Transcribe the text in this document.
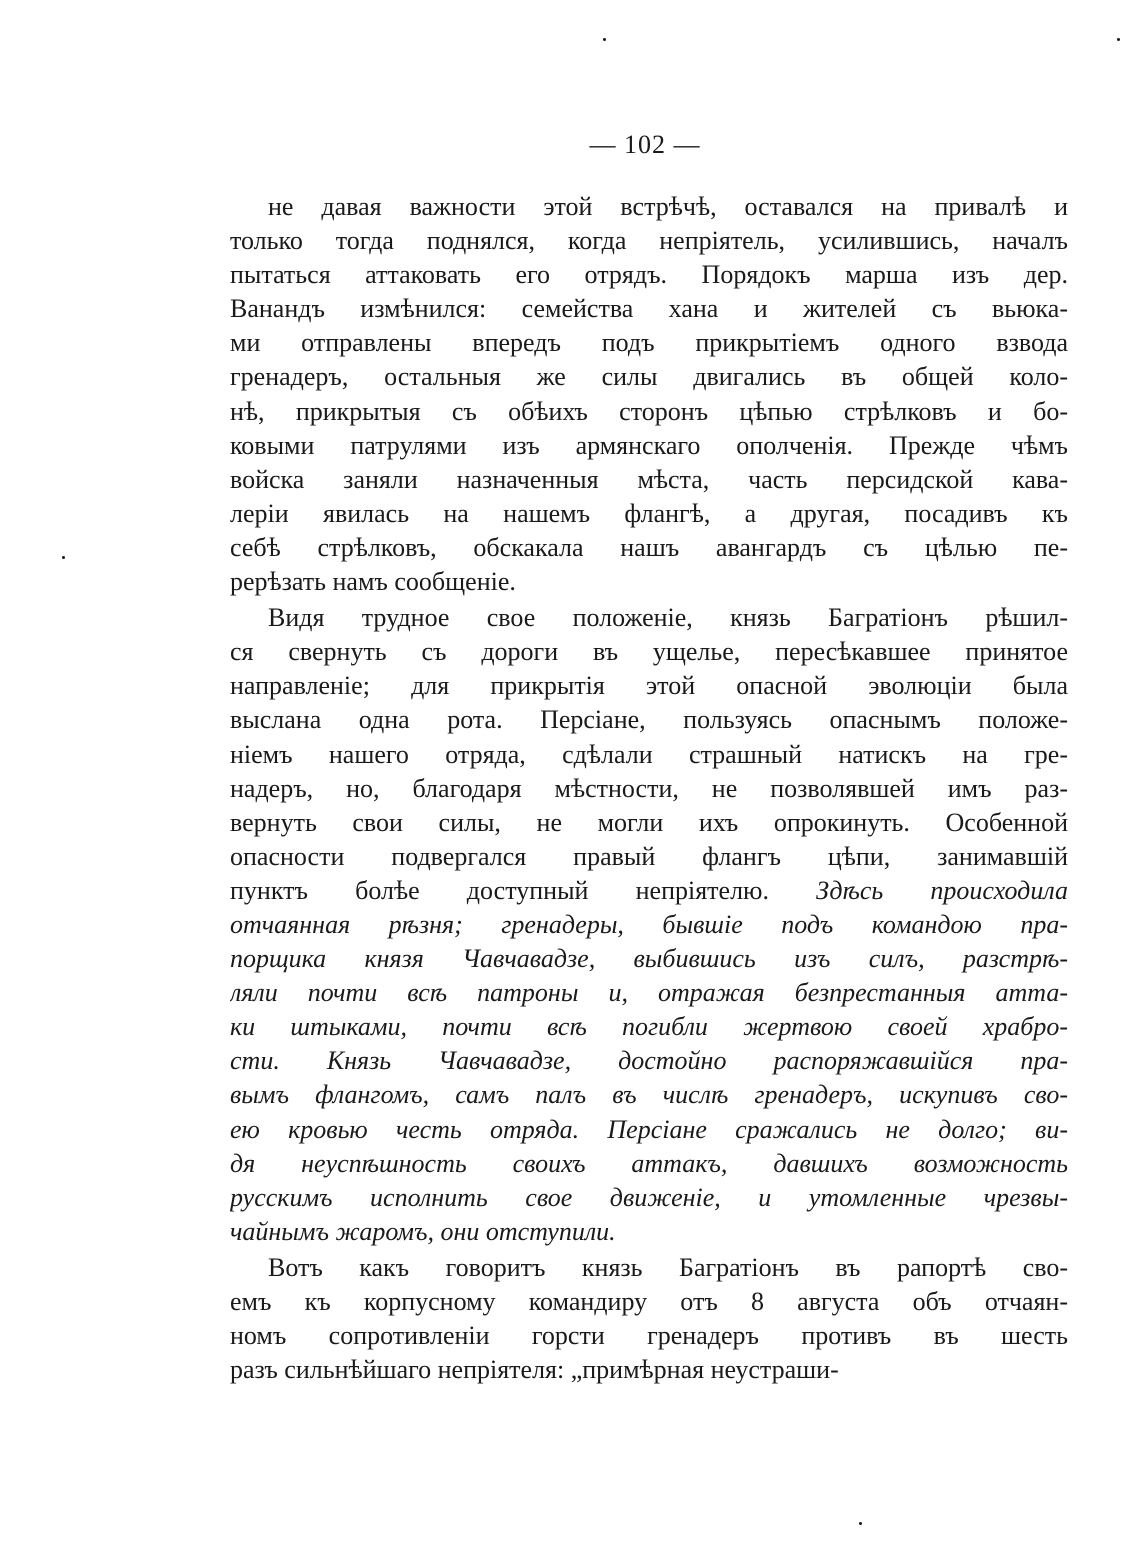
— 102 —
не давая важности этой встрѣчѣ, оставался на привалѣ и
только тогда поднялся, когда непріятель, усилившись, началъ
пытаться аттаковать его отрядъ. Порядокъ марша изъ дер.
Ванандъ измѣнился: семейства хана и жителей съ вьюка-
ми отправлены впередъ подъ прикрытіемъ одного взвода
гренадеръ, остальныя же силы двигались въ общей коло-
нѣ, прикрытыя съ обѣихъ сторонъ цѣпью стрѣлковъ и бо-
ковыми патрулями изъ армянскаго ополченія. Прежде чѣмъ
войска заняли назначенныя мѣста, часть персидской кава-
леріи явилась на нашемъ флангѣ, а другая, посадивъ къ
себѣ стрѣлковъ, обскакала нашъ авангардъ съ цѣлью пе-
рерѣзать намъ сообщеніе.
Видя трудное свое положеніе, князь Багратіонъ рѣшил-
ся свернуть съ дороги въ ущелье, пересѣкавшее принятое
направленіе; для прикрытія этой опасной эволюціи была
выслана одна рота. Персіане, пользуясь опаснымъ положе-
ніемъ нашего отряда, сдѣлали страшный натискъ на гре-
надеръ, но, благодаря мѣстности, не позволявшей имъ раз-
вернуть свои силы, не могли ихъ опрокинуть. Особенной
опасности подвергался правый флангъ цѣпи, занимавшій
пунктъ болѣе доступный непріятелю. Здѣсь происходила
отчаянная рѣзня; гренадеры, бывшіе подъ командою пра-
порщика князя Чавчавадзе, выбившись изъ силъ, разстрѣ-
ляли почти всѣ патроны и, отражая безпрестанныя атта-
ки штыками, почти всѣ погибли жертвою своей храбро-
сти. Князь Чавчавадзе, достойно распоряжавшійся пра-
вымъ флангомъ, самъ палъ въ числѣ гренадеръ, искупивъ сво-
ею кровью честь отряда. Персіане сражались не долго; ви-
дя неуспѣшность своихъ аттакъ, давшихъ возможность
русскимъ исполнить свое движеніе, и утомленные чрезвы-
чайнымъ жаромъ, они отступили.
Вотъ какъ говоритъ князь Багратіонъ въ рапортѣ сво-
емъ къ корпусному командиру отъ 8 августа объ отчаян-
номъ сопротивленіи горсти гренадеръ противъ въ шесть
разъ сильнѣйшаго непріятеля: „примѣрная неустраши-
